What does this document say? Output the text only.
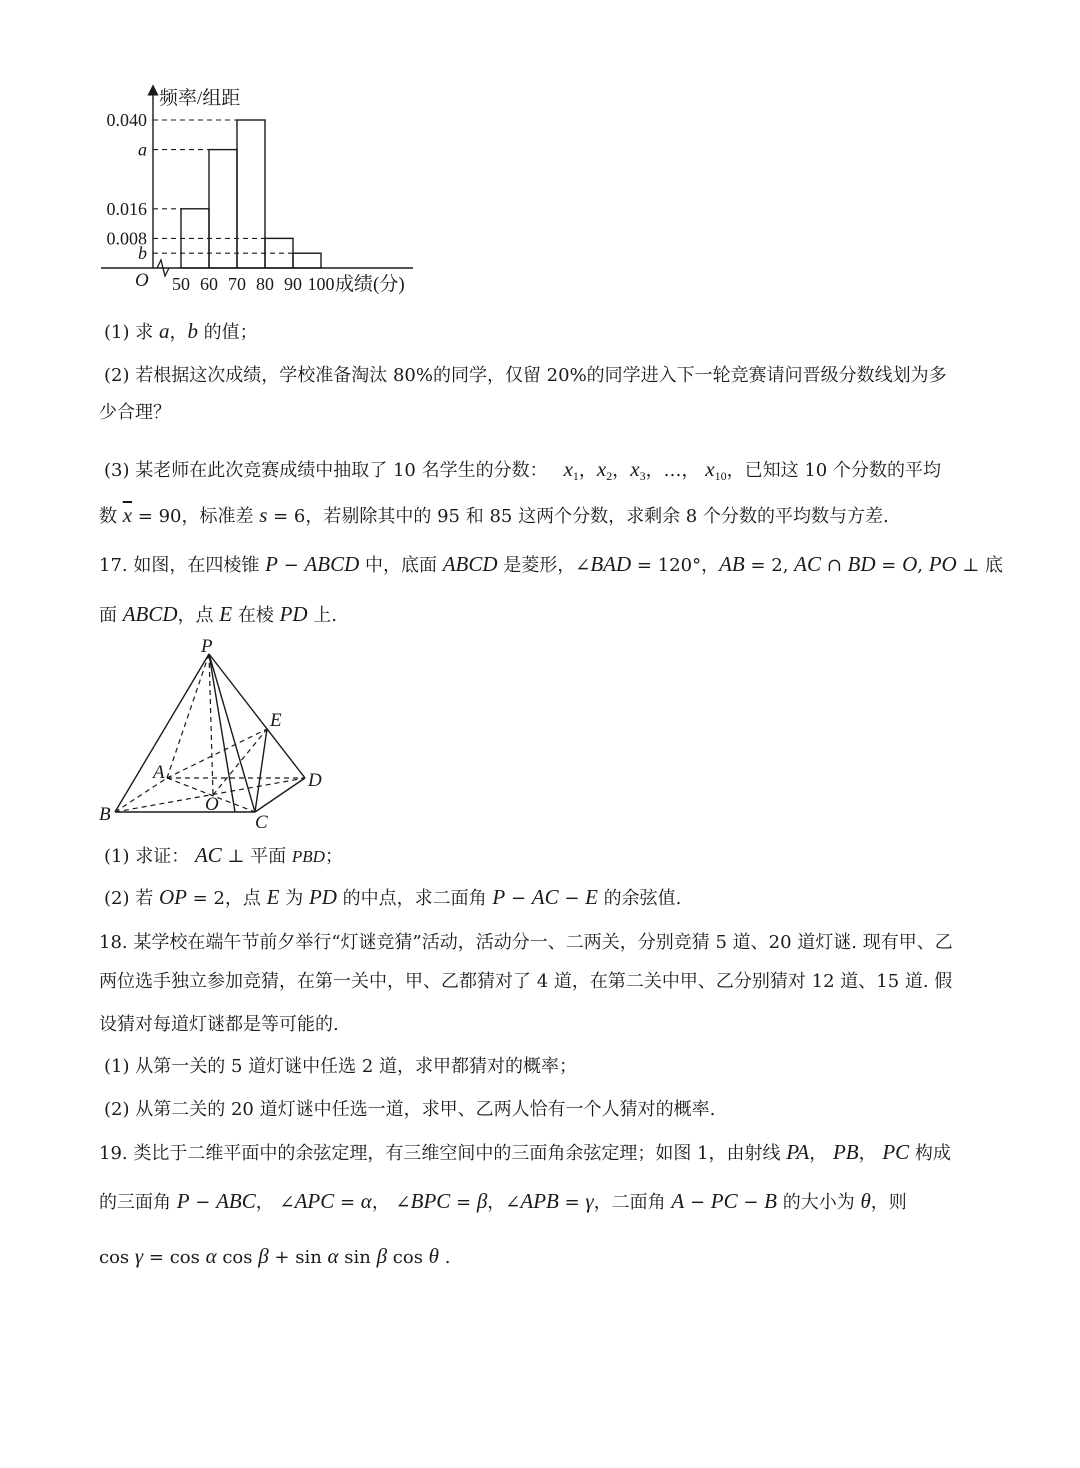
0.040
a
0.016
0.008
b
50 60 70 80 90 100
频率/组距
成绩(分)
O
(1) 求 a，b 的值；
(2) 若根据这次成绩，学校准备淘汰 80%的同学，仅留 20%的同学进入下一轮竞赛请问晋级分数线划为多
少合理？
(3) 某老师在此次竞赛成绩中抽取了 10 名学生的分数： $x_1$，$x_2$，$x_3$，…， $x_{10}$，已知这 10 个分数的平均
数 $\overline{x} = 90$，标准差 s = 6，若剔除其中的 95 和 85 这两个分数，求剩余 8 个分数的平均数与方差.
17. 如图，在四棱锥 P − ABCD 中，底面 ABCD 是菱形，∠BAD = 120°，AB = 2, AC ∩ BD = O, PO ⊥ 底
面 ABCD，点 E 在棱 PD 上.
P
E
A	D
O
B	C
(1) 求证： AC ⊥ 平面 PBD；
(2) 若 OP = 2，点 E 为 PD 的中点，求二面角 P − AC − E 的余弦值.
18. 某学校在端午节前夕举行“灯谜竞猜”活动，活动分一、二两关，分别竞猜 5 道、20 道灯谜. 现有甲、乙
两位选手独立参加竞猜，在第一关中，甲、乙都猜对了 4 道，在第二关中甲、乙分别猜对 12 道、15 道. 假
设猜对每道灯谜都是等可能的.
(1) 从第一关的 5 道灯谜中任选 2 道，求甲都猜对的概率；
(2) 从第二关的 20 道灯谜中任选一道，求甲、乙两人恰有一个人猜对的概率.
19. 类比于二维平面中的余弦定理，有三维空间中的三面角余弦定理；如图 1，由射线 PA， PB， PC 构成
的三面角 P − ABC， ∠APC = α， ∠BPC = β，∠APB = γ，二面角 A − PC − B 的大小为 θ，则
cos γ = cos α cos β + sin α sin β cos θ .
